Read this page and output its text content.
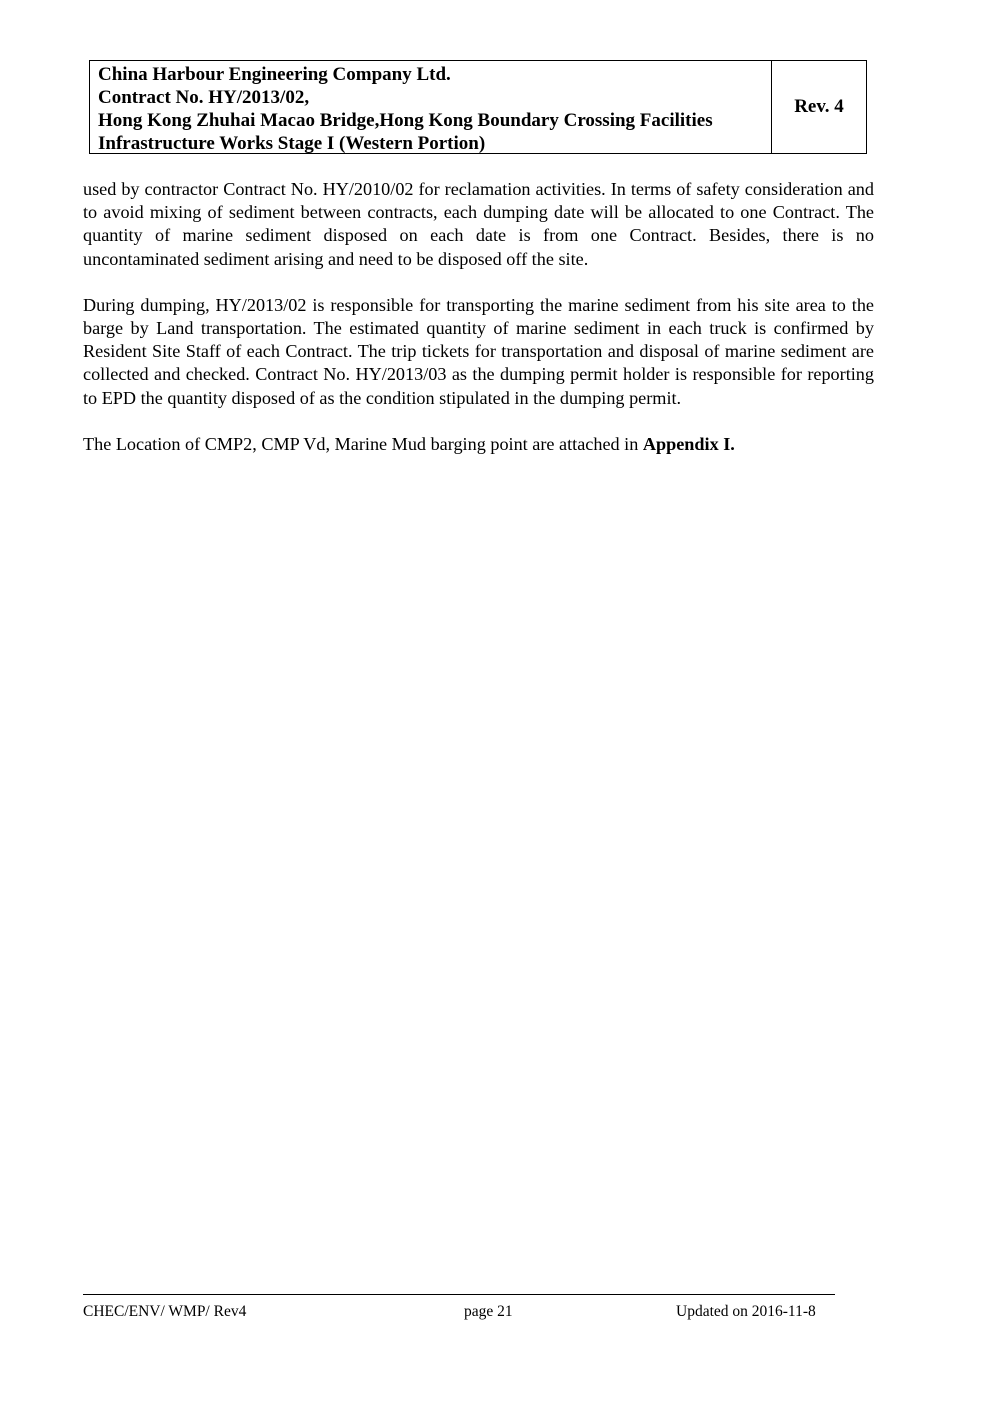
China Harbour Engineering Company Ltd.
Contract No. HY/2013/02,
Hong Kong Zhuhai Macao Bridge,Hong Kong Boundary Crossing Facilities
Infrastructure Works Stage I (Western Portion)
Rev. 4

used by contractor Contract No. HY/2010/02 for reclamation activities. In terms of safety consideration and to avoid mixing of sediment between contracts, each dumping date will be allocated to one Contract. The quantity of marine sediment disposed on each date is from one Contract. Besides, there is no uncontaminated sediment arising and need to be disposed off the site.

During dumping, HY/2013/02 is responsible for transporting the marine sediment from his site area to the barge by Land transportation. The estimated quantity of marine sediment in each truck is confirmed by Resident Site Staff of each Contract. The trip tickets for transportation and disposal of marine sediment are collected and checked. Contract No. HY/2013/03 as the dumping permit holder is responsible for reporting to EPD the quantity disposed of as the condition stipulated in the dumping permit.

The Location of CMP2, CMP Vd, Marine Mud barging point are attached in Appendix I.

CHEC/ENV/ WMP/ Rev4	page 21	Updated on 2016-11-8
